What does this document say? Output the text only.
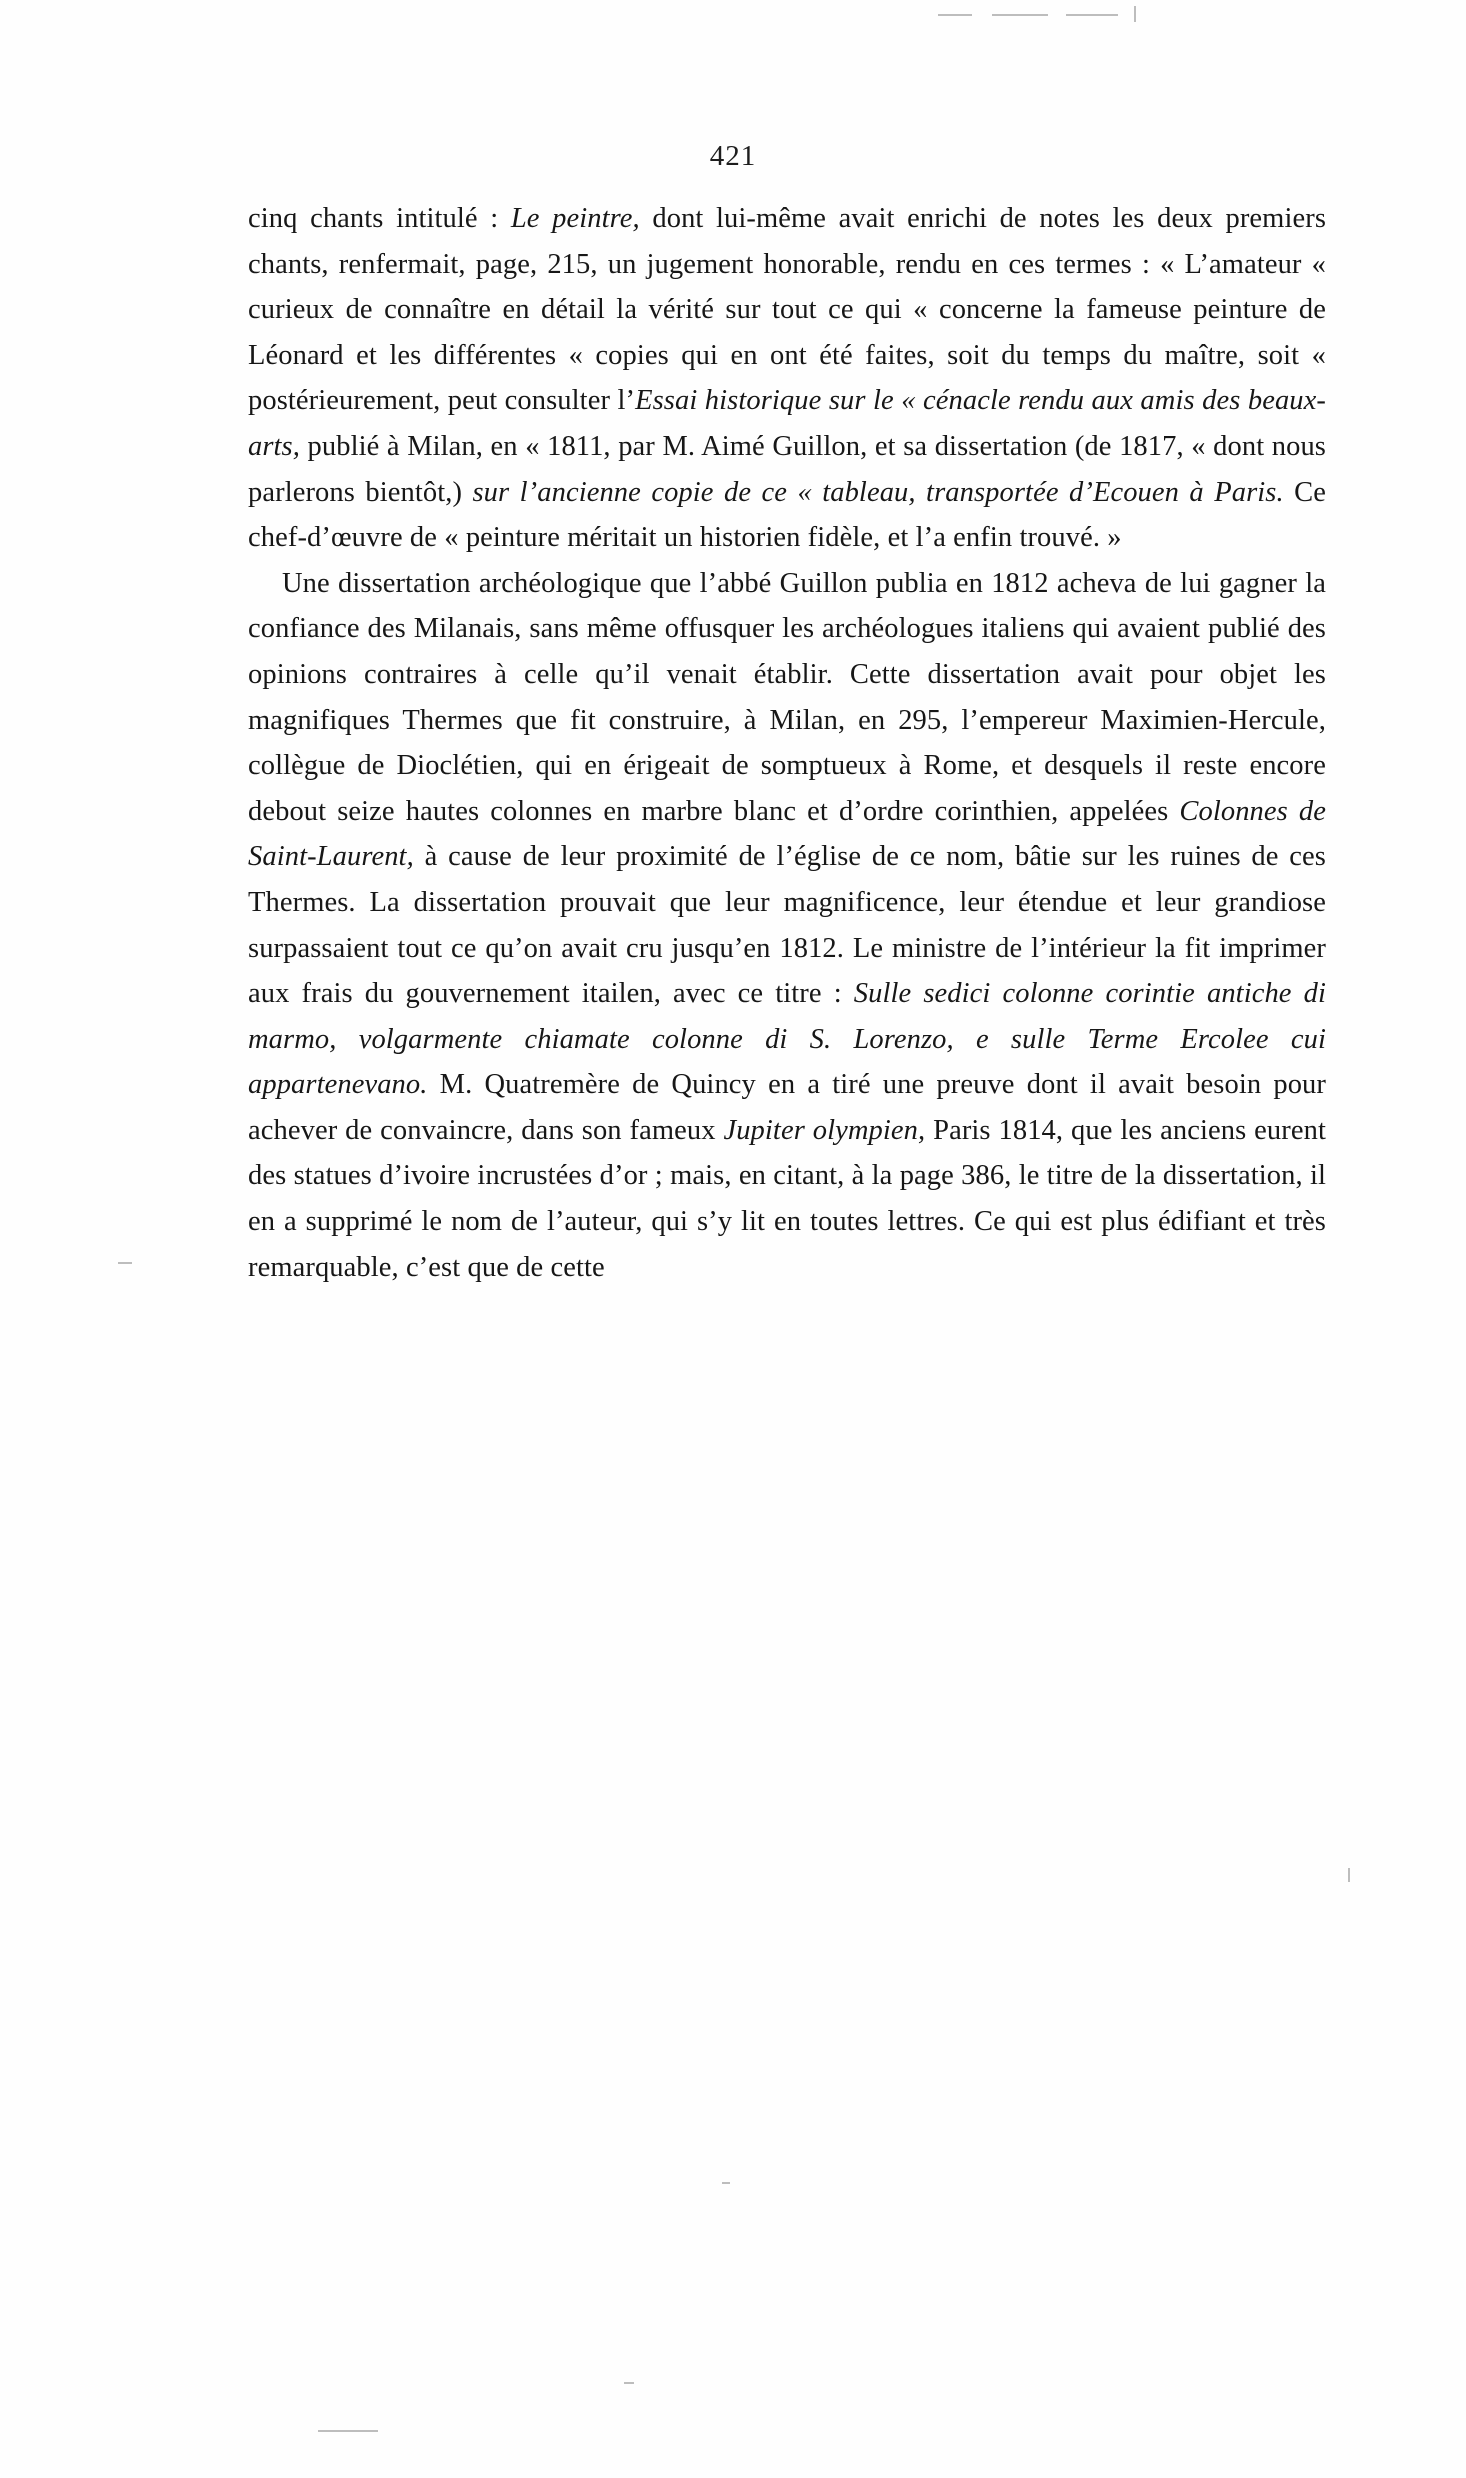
421

cinq chants intitulé : Le peintre, dont lui-même avait enrichi de notes les deux premiers chants, renfermait, page, 215, un jugement honorable, rendu en ces termes : « L’amateur « curieux de connaître en détail la vérité sur tout ce qui « concerne la fameuse peinture de Léonard et les différentes « copies qui en ont été faites, soit du temps du maître, soit « postérieurement, peut consulter l’Essai historique sur le « cénacle rendu aux amis des beaux-arts, publié à Milan, en « 1811, par M. Aimé Guillon, et sa dissertation (de 1817, « dont nous parlerons bientôt,) sur l’ancienne copie de ce « tableau, transportée d’Ecouen à Paris. Ce chef-d’œuvre de « peinture méritait un historien fidèle, et l’a enfin trouvé. »

Une dissertation archéologique que l’abbé Guillon publia en 1812 acheva de lui gagner la confiance des Milanais, sans même offusquer les archéologues italiens qui avaient publié des opinions contraires à celle qu’il venait établir. Cette dissertation avait pour objet les magnifiques Thermes que fit construire, à Milan, en 295, l’empereur Maximien-Hercule, collègue de Dioclétien, qui en érigeait de somptueux à Rome, et desquels il reste encore debout seize hautes colonnes en marbre blanc et d’ordre corinthien, appelées Colonnes de Saint-Laurent, à cause de leur proximité de l’église de ce nom, bâtie sur les ruines de ces Thermes. La dissertation prouvait que leur magnificence, leur étendue et leur grandiose surpassaient tout ce qu’on avait cru jusqu’en 1812. Le ministre de l’intérieur la fit imprimer aux frais du gouvernement itailen, avec ce titre : Sulle sedici colonne corintie antiche di marmo, volgarmente chiamate colonne di S. Lorenzo, e sulle Terme Ercolee cui appartenevano. M. Quatremère de Quincy en a tiré une preuve dont il avait besoin pour achever de convaincre, dans son fameux Jupiter olympien, Paris 1814, que les anciens eurent des statues d’ivoire incrustées d’or ; mais, en citant, à la page 386, le titre de la dissertation, il en a supprimé le nom de l’auteur, qui s’y lit en toutes lettres. Ce qui est plus édifiant et très remarquable, c’est que de cette
